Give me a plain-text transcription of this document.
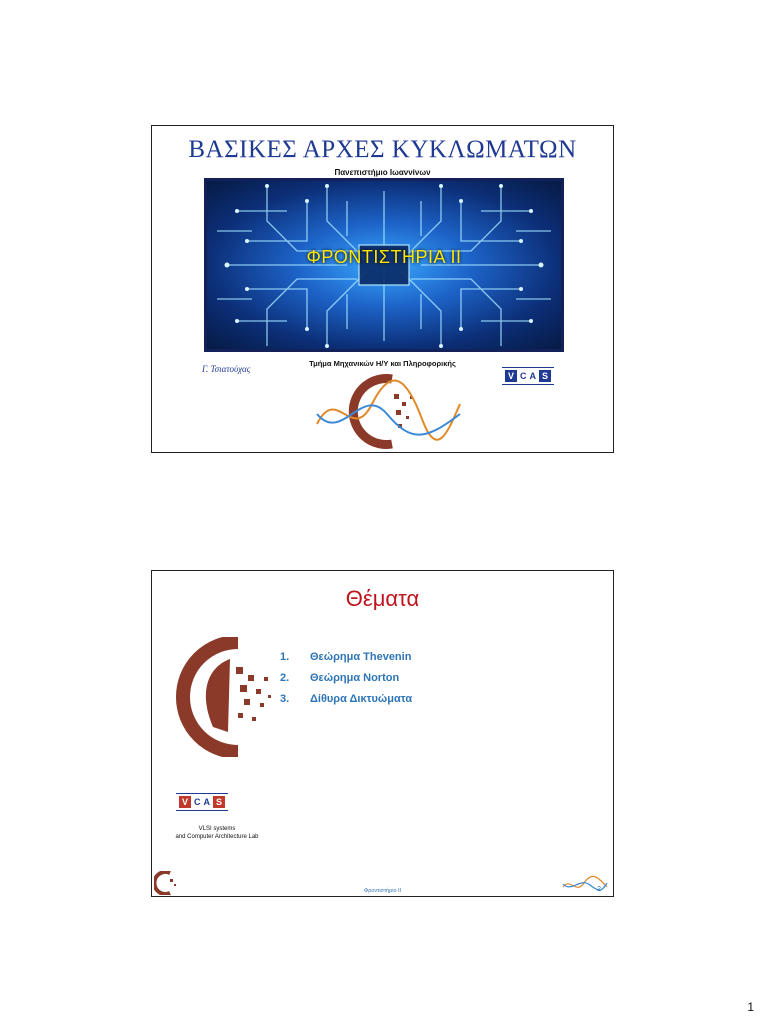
ΒΑΣΙΚΕΣ ΑΡΧΕΣ ΚΥΚΛΩΜΑΤΩΝ
Πανεπιστήμιο Ιωαννίνων
ΦΡΟΝΤΙΣΤΗΡΙΑ ΙΙ
Τμήμα Μηχανικών Η/Υ και Πληροφορικής
Γ. Τσιατούχας
V C A S
Θέματα
1.	Θεώρημα Thevenin
2.	Θεώρημα Norton
3.	Δίθυρα Δικτυώματα
V C A S
VLSI systems
and Computer Architecture Lab
Φροντιστήριο ΙΙ	2
1
